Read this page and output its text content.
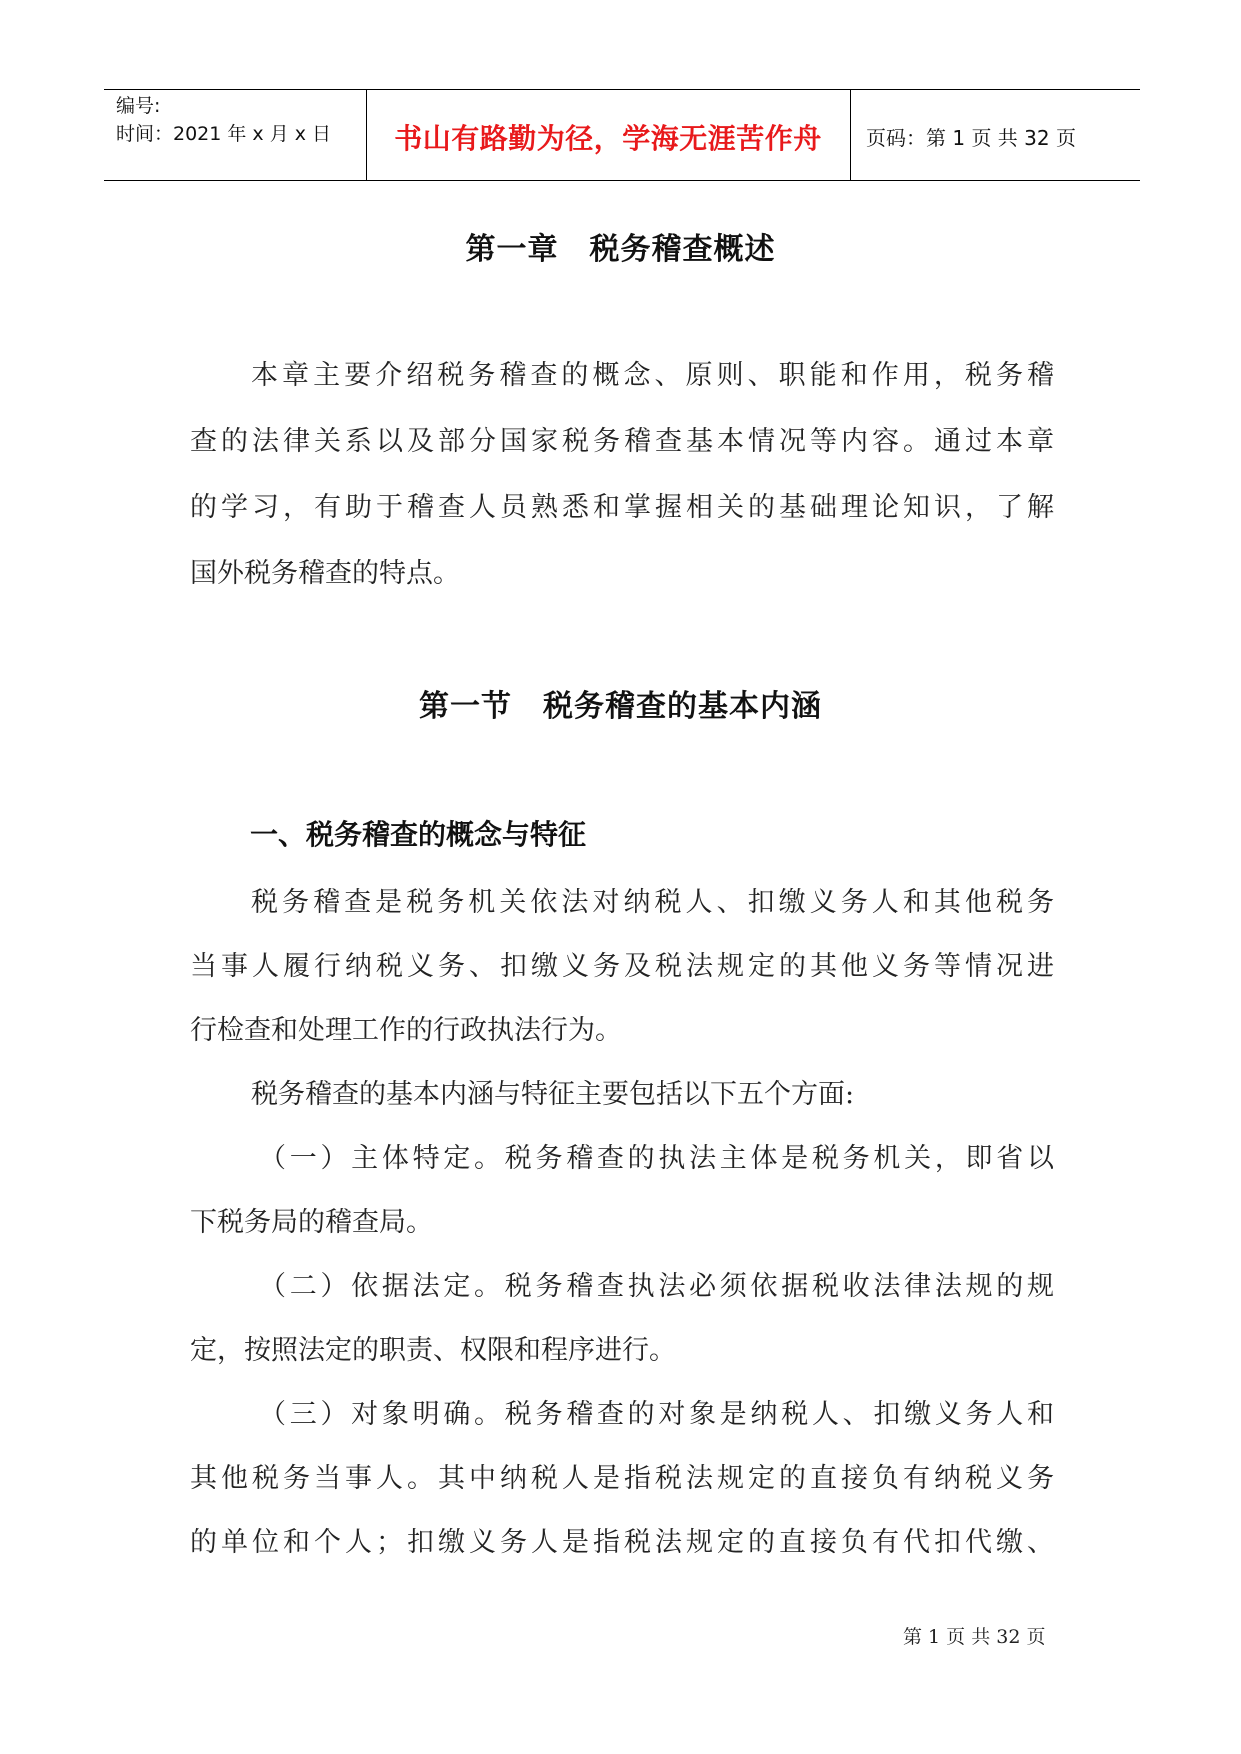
编号:
时间：2021 年 x 月 x 日	书山有路勤为径，学海无涯苦作舟	页码：第 1 页 共 32 页
第一章　税务稽查概述
本章主要介绍税务稽查的概念、原则、职能和作用，税务稽
查的法律关系以及部分国家税务稽查基本情况等内容。通过本章
的学习，有助于稽查人员熟悉和掌握相关的基础理论知识，了解
国外税务稽查的特点。
第一节　税务稽查的基本内涵
一、税务稽查的概念与特征
税务稽查是税务机关依法对纳税人、扣缴义务人和其他税务
当事人履行纳税义务、扣缴义务及税法规定的其他义务等情况进
行检查和处理工作的行政执法行为。
税务稽查的基本内涵与特征主要包括以下五个方面:
（一）主体特定。税务稽查的执法主体是税务机关，即省以
下税务局的稽查局。
（二）依据法定。税务稽查执法必须依据税收法律法规的规
定，按照法定的职责、权限和程序进行。
（三）对象明确。税务稽查的对象是纳税人、扣缴义务人和
其他税务当事人。其中纳税人是指税法规定的直接负有纳税义务
的单位和个人；扣缴义务人是指税法规定的直接负有代扣代缴、
第 1 页 共 32 页
